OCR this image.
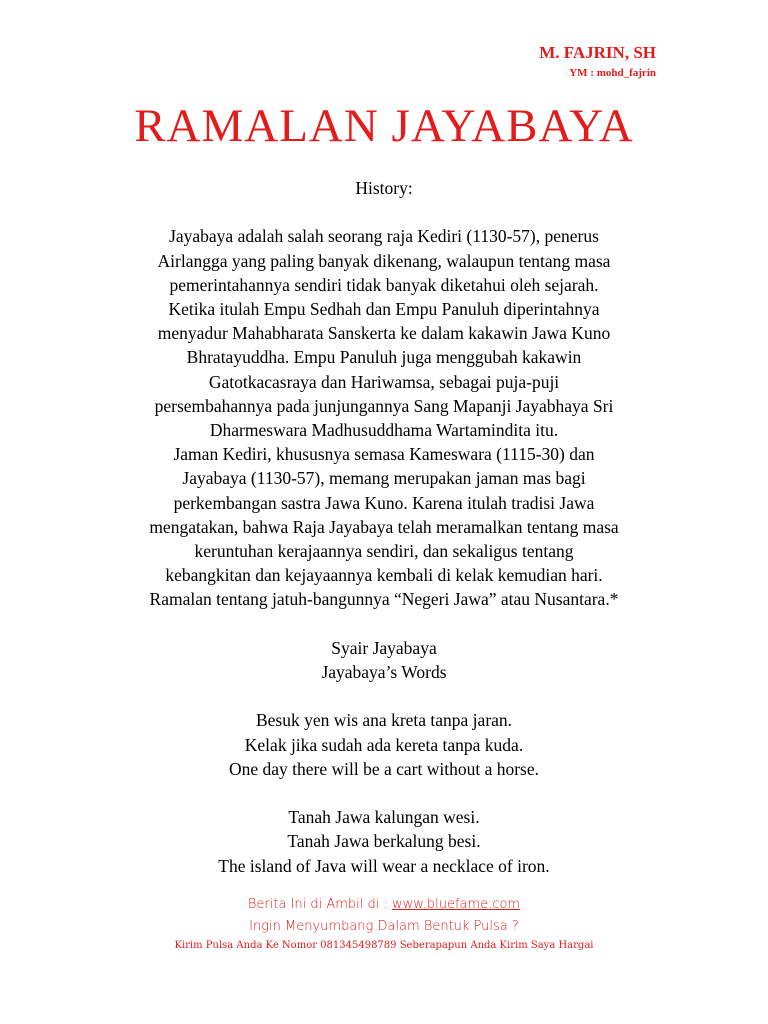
M. FAJRIN, SH
YM : mohd_fajrin
RAMALAN JAYABAYA
History:
Jayabaya adalah salah seorang raja Kediri (1130-57), penerus
Airlangga yang paling banyak dikenang, walaupun tentang masa
pemerintahannya sendiri tidak banyak diketahui oleh sejarah.
Ketika itulah Empu Sedhah dan Empu Panuluh diperintahnya
menyadur Mahabharata Sanskerta ke dalam kakawin Jawa Kuno
Bhratayuddha. Empu Panuluh juga menggubah kakawin
Gatotkacasraya dan Hariwamsa, sebagai puja-puji
persembahannya pada junjungannya Sang Mapanji Jayabhaya Sri
Dharmeswara Madhusuddhama Wartamindita itu.
Jaman Kediri, khususnya semasa Kameswara (1115-30) dan
Jayabaya (1130-57), memang merupakan jaman mas bagi
perkembangan sastra Jawa Kuno. Karena itulah tradisi Jawa
mengatakan, bahwa Raja Jayabaya telah meramalkan tentang masa
keruntuhan kerajaannya sendiri, dan sekaligus tentang
kebangkitan dan kejayaannya kembali di kelak kemudian hari.
Ramalan tentang jatuh-bangunnya “Negeri Jawa” atau Nusantara.*
Syair Jayabaya
Jayabaya’s Words
Besuk yen wis ana kreta tanpa jaran.
Kelak jika sudah ada kereta tanpa kuda.
One day there will be a cart without a horse.
Tanah Jawa kalungan wesi.
Tanah Jawa berkalung besi.
The island of Java will wear a necklace of iron.
Berita Ini di Ambil di : www.bluefame.com
Ingin Menyumbang Dalam Bentuk Pulsa ?
Kirim Pulsa Anda Ke Nomor 081345498789 Seberapapun Anda Kirim Saya Hargai
